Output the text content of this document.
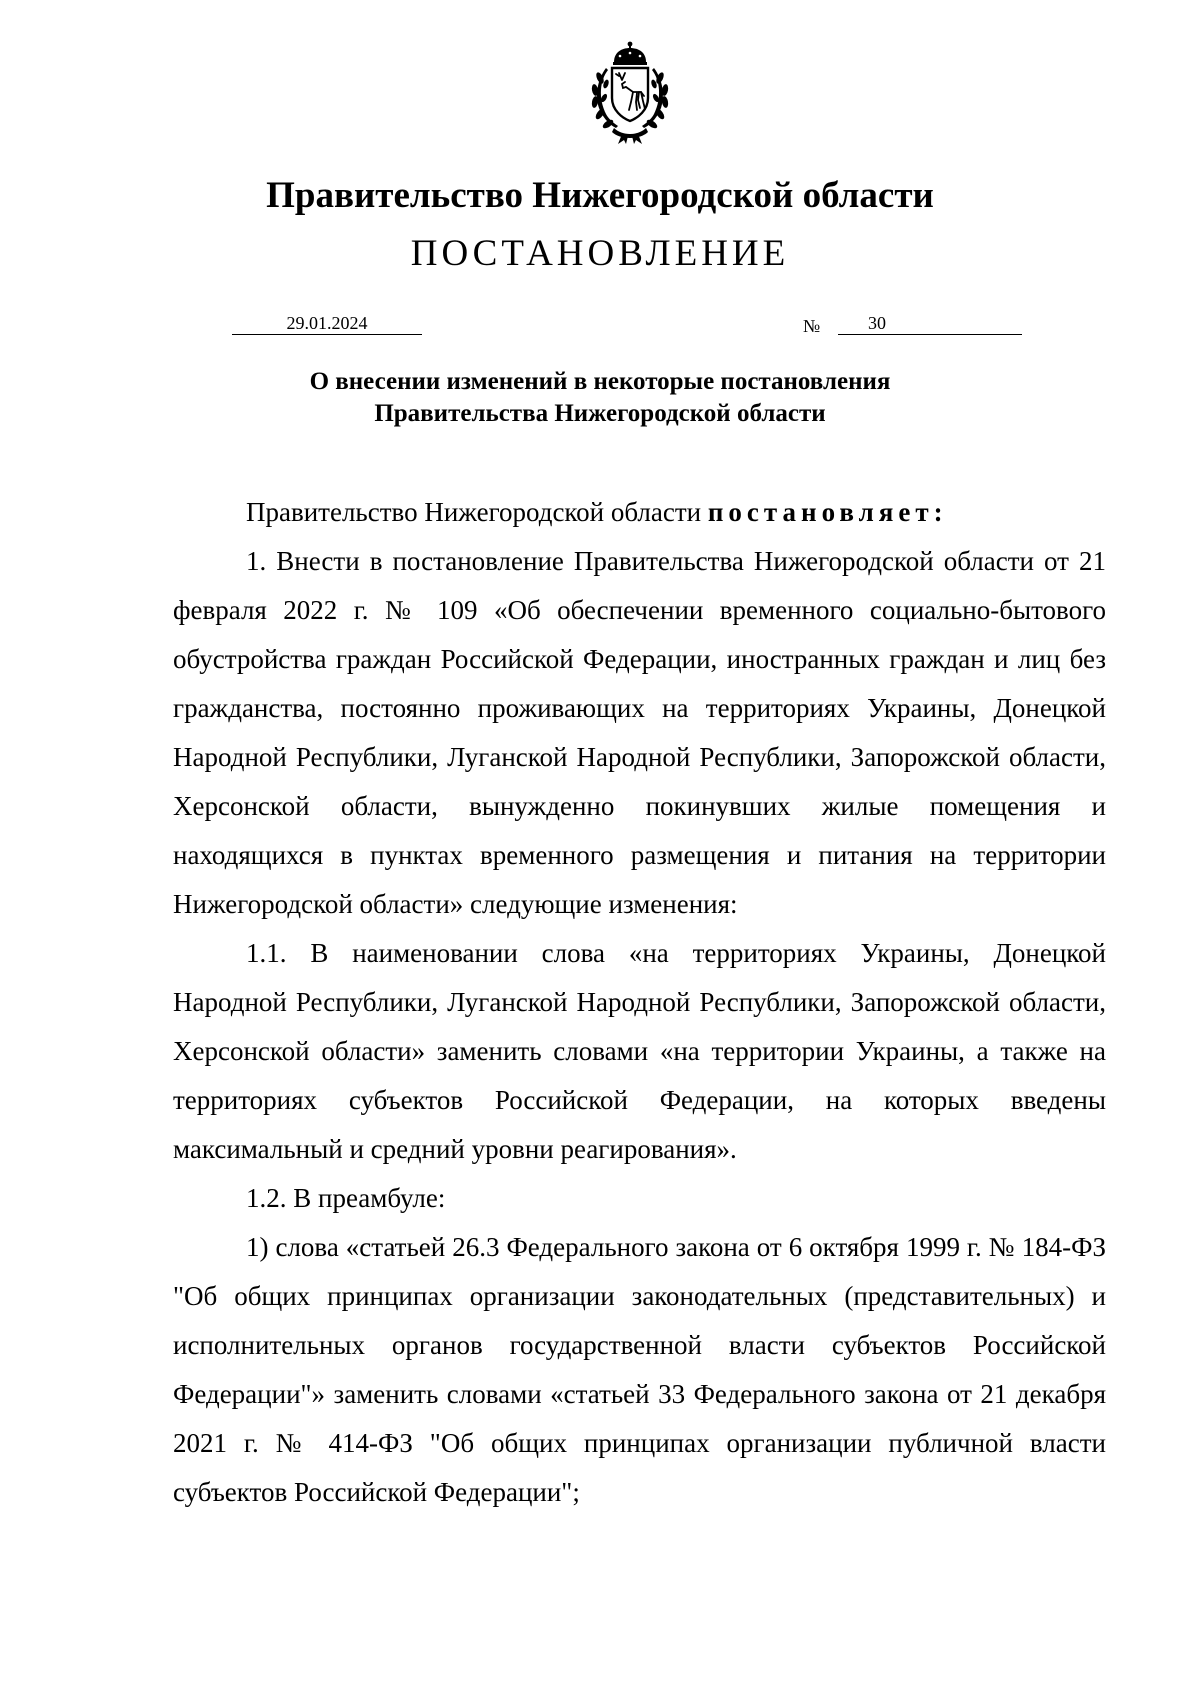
Правительство Нижегородской области
ПОСТАНОВЛЕНИЕ
29.01.2024	№	30
О внесении изменений в некоторые постановления
Правительства Нижегородской области

Правительство Нижегородской области постановляет:

1. Внести в постановление Правительства Нижегородской области от 21 февраля 2022 г. № 109 «Об обеспечении временного социально-бытового обустройства граждан Российской Федерации, иностранных граждан и лиц без гражданства, постоянно проживающих на территориях Украины, Донецкой Народной Республики, Луганской Народной Республики, Запорожской области, Херсонской области, вынужденно покинувших жилые помещения и находящихся в пунктах временного размещения и питания на территории Нижегородской области» следующие изменения:

1.1. В наименовании слова «на территориях Украины, Донецкой Народной Республики, Луганской Народной Республики, Запорожской области, Херсонской области» заменить словами «на территории Украины, а также на территориях субъектов Российской Федерации, на которых введены максимальный и средний уровни реагирования».

1.2. В преамбуле:

1) слова «статьей 26.3 Федерального закона от 6 октября 1999 г. № 184-ФЗ "Об общих принципах организации законодательных (представительных) и исполнительных органов государственной власти субъектов Российской Федерации"» заменить словами «статьей 33 Федерального закона от 21 декабря 2021 г. № 414-ФЗ "Об общих принципах организации публичной власти субъектов Российской Федерации";
